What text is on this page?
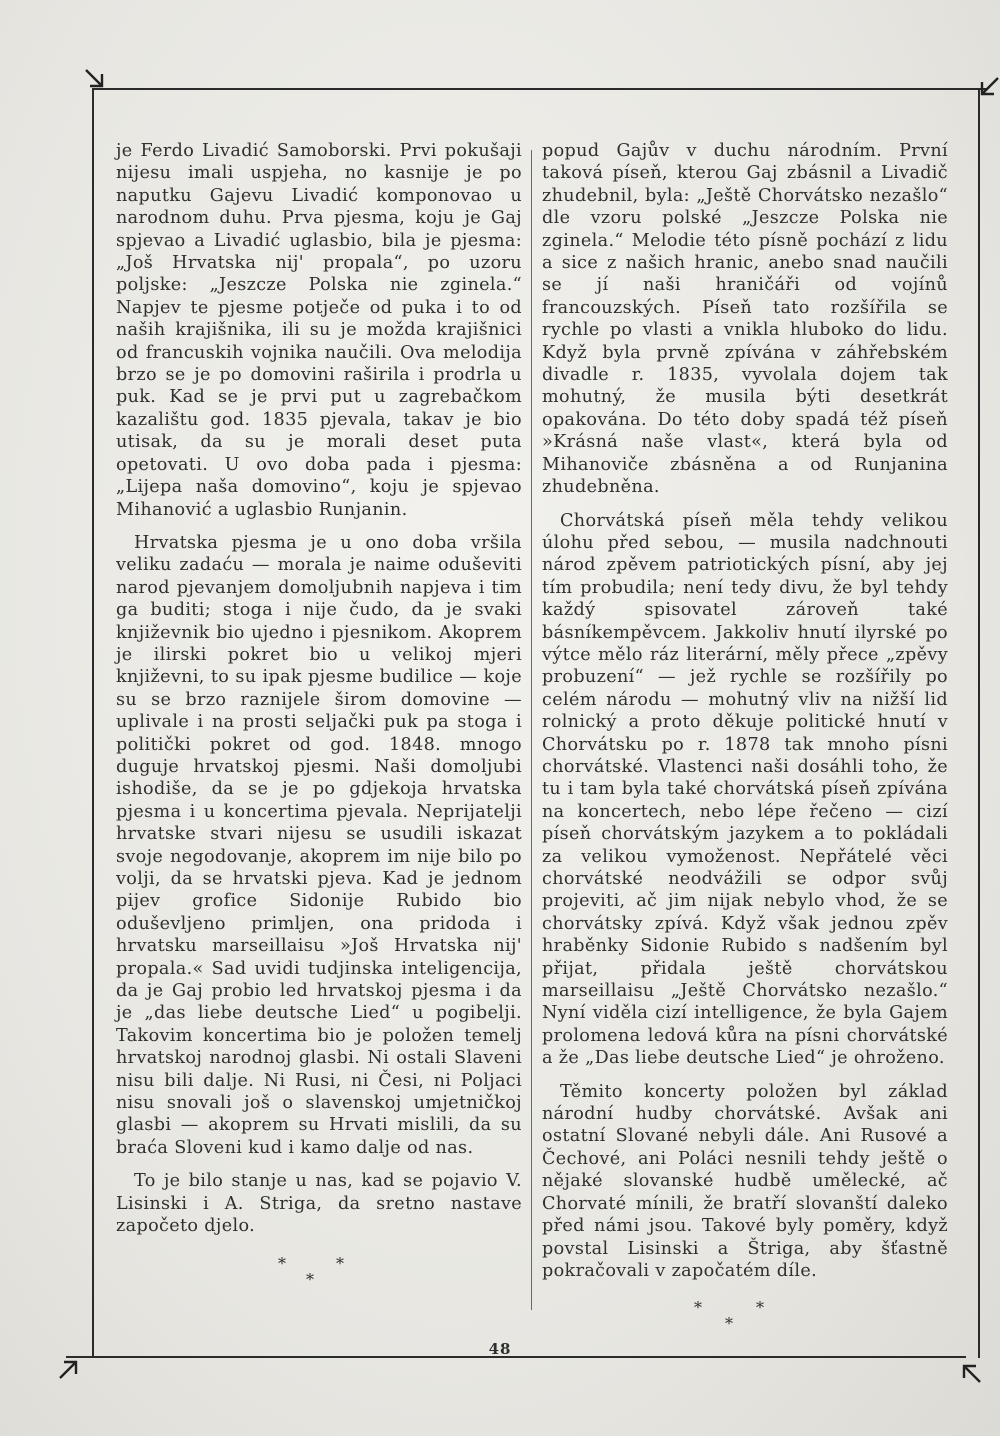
je Ferdo Livadić Samoborski. Prvi pokušaji nijesu imali uspjeha, no kasnije je po naputku Gajevu Livadić komponovao u narodnom duhu. Prva pjesma, koju je Gaj spjevao a Livadić uglasbio, bila je pjesma: „Još Hrvatska nij' propala“, po uzoru poljske: „Jeszcze Polska nie zginela.“ Napjev te pjesme potječe od puka i to od naših krajišnika, ili su je možda krajišnici od francuskih vojnika naučili. Ova melodija brzo se je po domovini raširila i prodrla u puk. Kad se je prvi put u zagrebačkom kazalištu god. 1835 pjevala, takav je bio utisak, da su je morali deset puta opetovati. U ovo doba pada i pjesma: „Lijepa naša domovino“, koju je spjevao Mihanović a uglasbio Runjanin.

Hrvatska pjesma je u ono doba vršila veliku zadaću — morala je naime oduševiti narod pjevanjem domoljubnih napjeva i tim ga buditi; stoga i nije čudo, da je svaki književnik bio ujedno i pjesnikom. Akoprem je ilirski pokret bio u velikoj mjeri književni, to su ipak pjesme budilice — koje su se brzo raznijele širom domovine — uplivale i na prosti seljački puk pa stoga i politički pokret od god. 1848. mnogo duguje hrvatskoj pjesmi. Naši domoljubi ishodiše, da se je po gdjekoja hrvatska pjesma i u koncertima pjevala. Neprijatelji hrvatske stvari nijesu se usudili iskazat svoje negodovanje, akoprem im nije bilo po volji, da se hrvatski pjeva. Kad je jednom pijev grofice Sidonije Rubido bio oduševljeno primljen, ona pridoda i hrvatsku marseillaisu »Još Hrvatska nij' propala.« Sad uvidi tudjinska inteligencija, da je Gaj probio led hrvatskoj pjesma i da je „das liebe deutsche Lied“ u pogibelji. Takovim koncertima bio je položen temelj hrvatskoj narodnoj glasbi. Ni ostali Slaveni nisu bili dalje. Ni Rusi, ni Česi, ni Poljaci nisu snovali još o slavenskoj umjetničkoj glasbi — akoprem su Hrvati mislili, da su braća Sloveni kud i kamo dalje od nas.

To je bilo stanje u nas, kad se pojavio V. Lisinski i A. Striga, da sretno nastave započeto djelo.

*	*
*

popud Gajův v duchu národním. První taková píseň, kterou Gaj zbásnil a Livadič zhudebnil, byla: „Ještě Chorvátsko nezašlo“ dle vzoru polské „Jeszcze Polska nie zginela.“ Melodie této písně pochází z lidu a sice z našich hranic, anebo snad naučili se jí naši hraničáři od vojínů francouzských. Píseň tato rozšířila se rychle po vlasti a vnikla hluboko do lidu. Když byla prvně zpívána v záhřebském divadle r. 1835, vyvolala dojem tak mohutný, že musila býti desetkrát opakována. Do této doby spadá též píseň »Krásná naše vlast«, která byla od Mihanoviče zbásněna a od Runjanina zhudebněna.

Chorvátská píseň měla tehdy velikou úlohu před sebou, — musila nadchnouti národ zpěvem patriotických písní, aby jej tím probudila; není tedy divu, že byl tehdy každý spisovatel zároveň také básníkempěvcem. Jakkoliv hnutí ilyrské po výtce mělo ráz literární, měly přece „zpěvy probuzení“ — jež rychle se rozšířily po celém národu — mohutný vliv na nižší lid rolnický a proto děkuje politické hnutí v Chorvátsku po r. 1878 tak mnoho písni chorvátské. Vlastenci naši dosáhli toho, že tu i tam byla také chorvátská píseň zpívána na koncertech, nebo lépe řečeno — cizí píseň chorvátským jazykem a to pokládali za velikou vymoženost. Nepřátelé věci chorvátské neodvážili se odpor svůj projeviti, ač jim nijak nebylo vhod, že se chorvátsky zpívá. Když však jednou zpěv hraběnky Sidonie Rubido s nadšením byl přijat, přidala ještě chorvátskou marseillaisu „Ještě Chorvátsko nezašlo.“ Nyní viděla cizí intelligence, že byla Gajem prolomena ledová kůra na písni chorvátské a že „Das liebe deutsche Lied“ je ohroženo.

Těmito koncerty položen byl základ národní hudby chorvátské. Avšak ani ostatní Slované nebyli dále. Ani Rusové a Čechové, ani Poláci nesnili tehdy ještě o nějaké slovanské hudbě umělecké, ač Chorvaté mínili, že bratří slovanští daleko před námi jsou. Takové byly poměry, když povstal Lisinski a Štriga, aby šťastně pokračovali v započatém díle.

*	*
*
48
